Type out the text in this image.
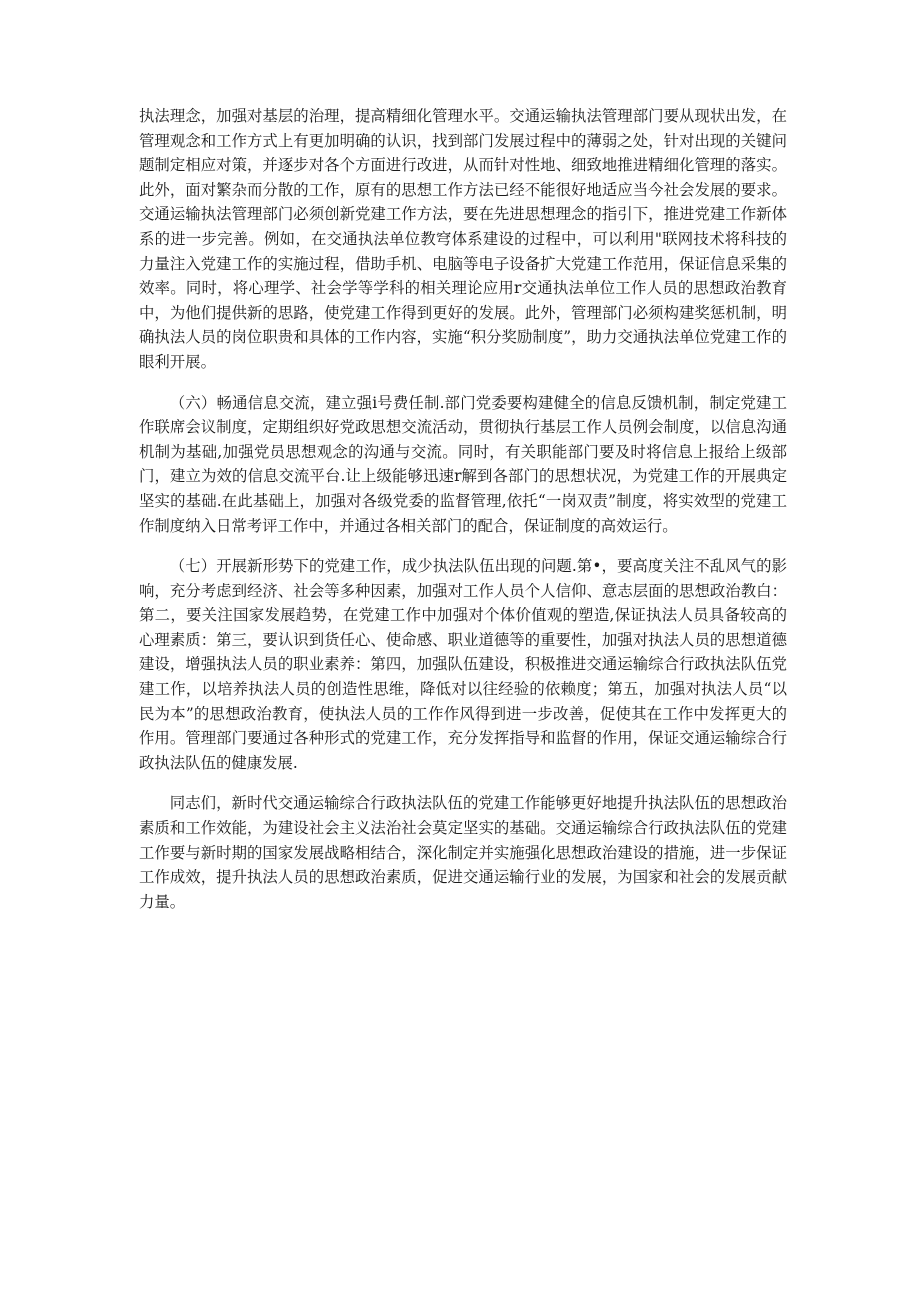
执法理念，加强对基层的治理，提高精细化管理水平。交通运输执法管理部门要从现状出发，在管理观念和工作方式上有更加明确的认识，找到部门发展过程中的薄弱之处，针对出现的关键问题制定相应对策，并逐步对各个方面进行改进，从而针对性地、细致地推进精细化管理的落实。此外，面对繁杂而分散的工作，原有的思想工作方法已经不能很好地适应当今社会发展的要求。交通运输执法管理部门必须创新党建工作方法，要在先进思想理念的指引下，推进党建工作新体系的进一步完善。例如，在交通执法单位教穹体系建设的过程中，可以利用"联网技术将科技的力量注入党建工作的实施过程，借助手机、电脑等电子设备扩大党建工作范用，保证信息采集的效率。同时，将心理学、社会学等学科的相关理论应用r交通执法单位工作人员的思想政治教育中，为他们提供新的思路，使党建工作得到更好的发展。此外，管理部门必须构建奖惩机制，明确执法人员的岗位职贵和具体的工作内容，实施“积分奖励制度”，助力交通执法单位党建工作的眼利开展。

（六）畅通信息交流，建立强i号费任制.部门党委要构建健全的信息反馈机制，制定党建工作联席会议制度，定期组织好党政思想交流活动，贯彻执行基层工作人员例会制度，以信息沟通机制为基础,加强党员思想观念的沟通与交流。同时，有关职能部门要及时将信息上报给上级部门，建立为效的信息交流平台.让上级能够迅速r解到各部门的思想状况，为党建工作的开展典定坚实的基础.在此基础上，加强对各级党委的监督管理,依托“一岗双责”制度，将实效型的党建工作制度纳入日常考评工作中，并通过各相关部门的配合，保证制度的高效运行。

（七）开展新形势下的党建工作，成少执法队伍出现的问题.第•，要高度关注不乱风气的影响，充分考虑到经济、社会等多种因素，加强对工作人员个人信仰、意志层面的思想政治教白：第二，要关注国家发展趋势，在党建工作中加强对个体价值观的塑造,保证执法人员具备较高的心理素质：第三，要认识到货任心、使命感、职业道德等的重要性，加强对执法人员的思想道德建设，增强执法人员的职业素养：第四，加强队伍建设，积极推进交通运输综合行政执法队伍党建工作，以培养执法人员的创造性思维，降低对以往经验的依赖度；第五，加强对执法人员“以民为本”的思想政治教育，使执法人员的工作作风得到进一步改善，促使其在工作中发挥更大的作用。管理部门要通过各种形式的党建工作，充分发挥指导和监督的作用，保证交通运输综合行政执法队伍的健康发展.

同志们，新时代交通运输综合行政执法队伍的党建工作能够更好地提升执法队伍的思想政治素质和工作效能，为建设社会主义法治社会莫定坚实的基础。交通运输综合行政执法队伍的党建工作要与新时期的国家发展战略相结合，深化制定并实施强化思想政治建设的措施，进一步保证工作成效，提升执法人员的思想政治素质，促进交通运输行业的发展，为国家和社会的发展贡献力量。
